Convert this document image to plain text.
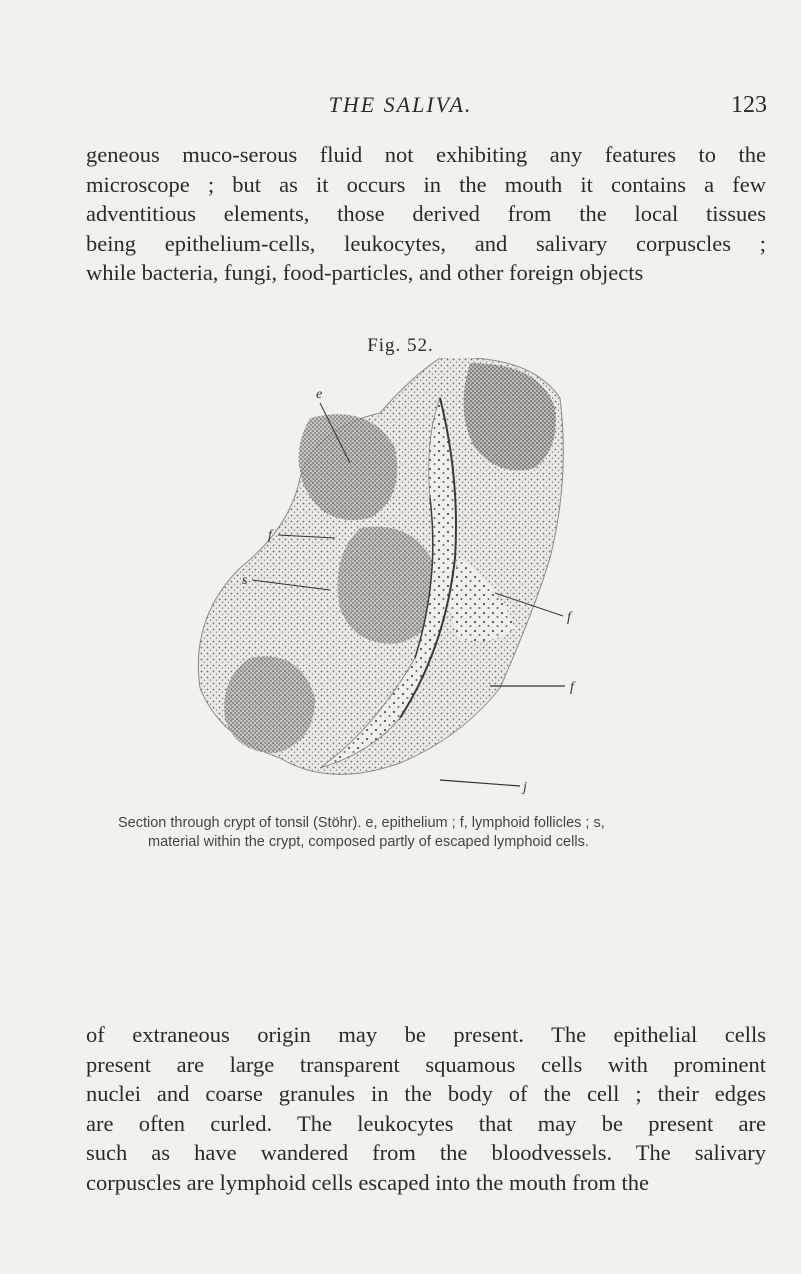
THE SALIVA.	123
geneous muco-serous fluid not exhibiting any features to the
microscope ; but as it occurs in the mouth it contains a few
adventitious elements, those derived from the local tissues
being epithelium-cells, leukocytes, and salivary corpuscles ;
while bacteria, fungi, food-particles, and other foreign objects
Fig. 52.
e
f
s
f
f
j
Section through crypt of tonsil (Stöhr). e, epithelium ; f, lymphoid follicles ; s,
material within the crypt, composed partly of escaped lymphoid cells.
of extraneous origin may be present. The epithelial cells
present are large transparent squamous cells with prominent
nuclei and coarse granules in the body of the cell ; their edges
are often curled. The leukocytes that may be present are
such as have wandered from the bloodvessels. The salivary
corpuscles are lymphoid cells escaped into the mouth from the
